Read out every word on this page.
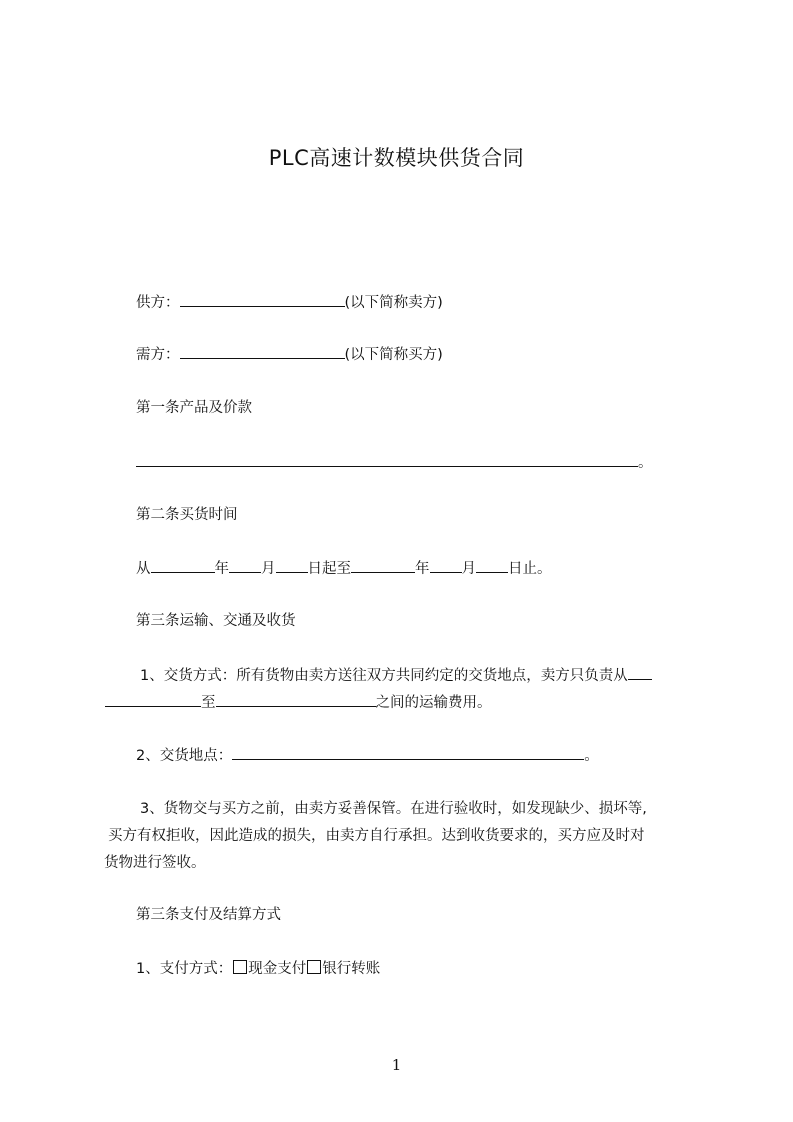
PLC高速计数模块供货合同
供方：	(以下简称卖方)
需方：	(以下简称买方)
第一条产品及价款
。
第二条买货时间
从	年 月 日起至	年 月 日止。
第三条运输、交通及收货
1、交货方式：所有货物由卖方送往双方共同约定的交货地点，卖方只负责从
至	之间的运输费用。
2、交货地点：	。
3、货物交与买方之前，由卖方妥善保管。在进行验收时，如发现缺少、损坏等,
买方有权拒收，因此造成的损失，由卖方自行承担。达到收货要求的，买方应及时对
货物进行签收。
第三条支付及结算方式
1、支付方式： 现金支付 银行转账
1
